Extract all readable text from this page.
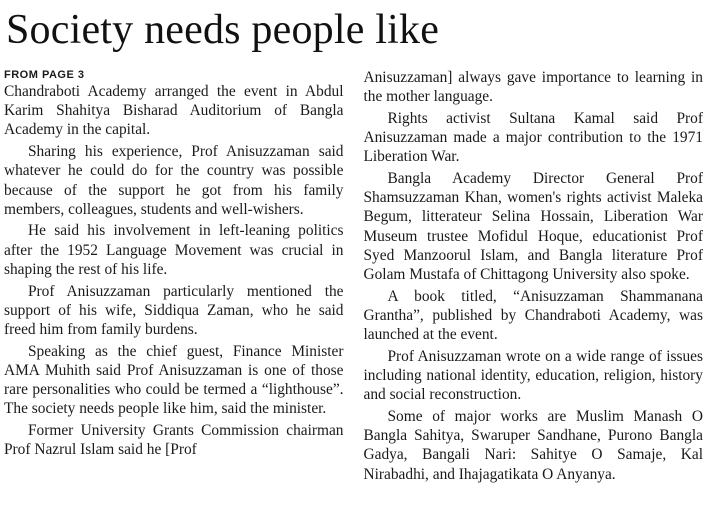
Society needs people like
FROM PAGE 3

Chandraboti Academy arranged the event in Abdul Karim Shahitya Bisharad Auditorium of Bangla Academy in the capital.

Sharing his experience, Prof Anisuzzaman said whatever he could do for the country was possible because of the support he got from his family members, colleagues, students and well-wishers.

He said his involvement in left-leaning politics after the 1952 Language Movement was crucial in shaping the rest of his life.

Prof Anisuzzaman particularly mentioned the support of his wife, Siddiqua Zaman, who he said freed him from family burdens.

Speaking as the chief guest, Finance Minister AMA Muhith said Prof Anisuzzaman is one of those rare personalities who could be termed a “lighthouse”. The society needs people like him, said the minister.

Former University Grants Commission chairman Prof Nazrul Islam said he [Prof

Anisuzzaman] always gave importance to learning in the mother language.

Rights activist Sultana Kamal said Prof Anisuzzaman made a major contribution to the 1971 Liberation War.

Bangla Academy Director General Prof Shamsuzzaman Khan, women's rights activist Maleka Begum, litterateur Selina Hossain, Liberation War Museum trustee Mofidul Hoque, educationist Prof Syed Manzoorul Islam, and Bangla literature Prof Golam Mustafa of Chittagong University also spoke.

A book titled, “Anisuzzaman Shammanana Grantha”, published by Chandraboti Academy, was launched at the event.

Prof Anisuzzaman wrote on a wide range of issues including national identity, education, religion, history and social reconstruction.

Some of major works are Muslim Manash O Bangla Sahitya, Swaruper Sandhane, Purono Bangla Gadya, Bangali Nari: Sahitye O Samaje, Kal Nirabadhi, and Ihajagatikata O Anyanya.
